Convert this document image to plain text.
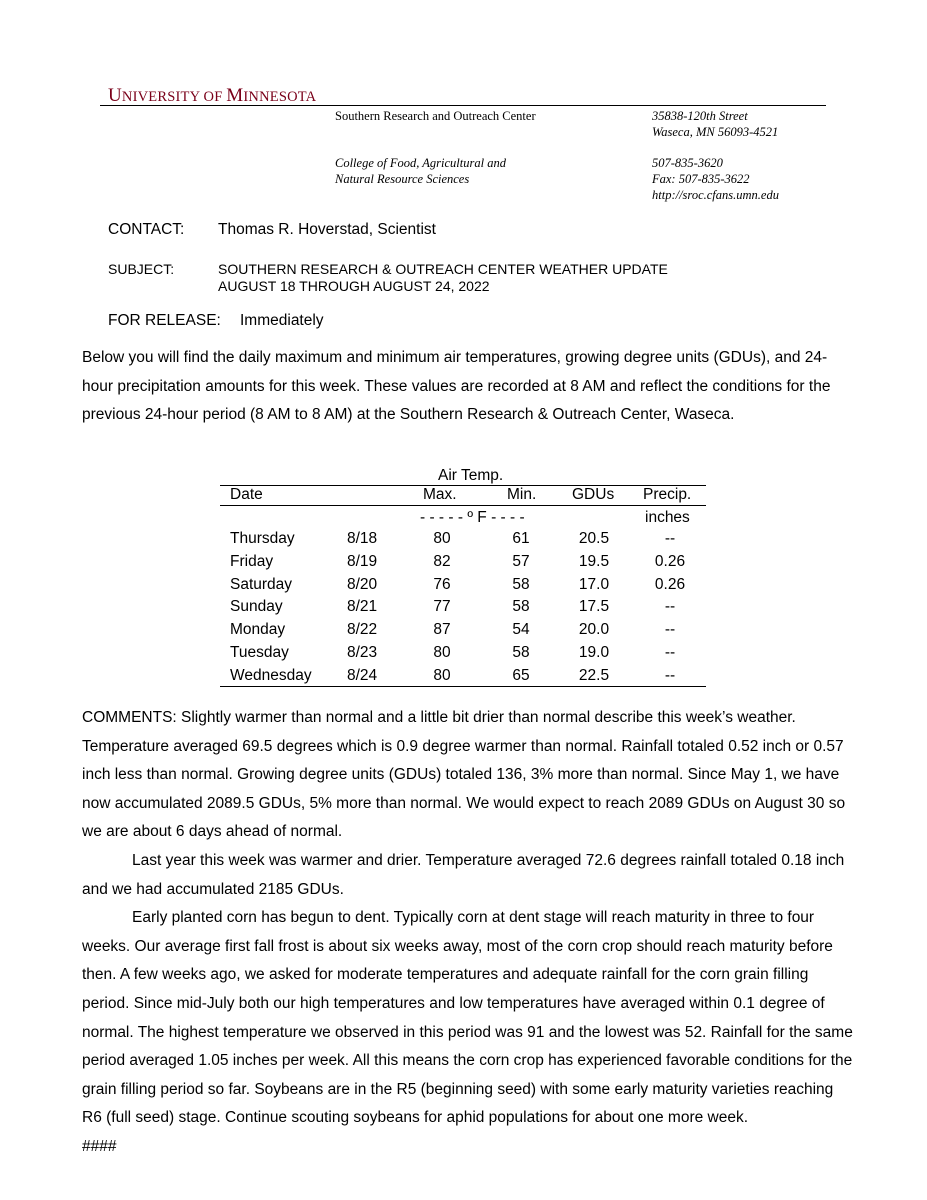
UNIVERSITY OF MINNESOTA
Southern Research and Outreach Center	35838-120th Street
Waseca, MN 56093-4521
College of Food, Agricultural and
Natural Resource Sciences
507-835-3620
Fax: 507-835-3622
http://sroc.cfans.umn.edu
CONTACT: Thomas R. Hoverstad, Scientist
SUBJECT:	SOUTHERN RESEARCH & OUTREACH CENTER WEATHER UPDATE
AUGUST 18 THROUGH AUGUST 24, 2022
FOR RELEASE: Immediately

Below you will find the daily maximum and minimum air temperatures, growing degree units (GDUs), and 24-hour precipitation amounts for this week. These values are recorded at 8 AM and reflect the conditions for the previous 24-hour period (8 AM to 8 AM) at the Southern Research & Outreach Center, Waseca.

Air Temp.
Date	Max.	Min. GDUs Precip.
- - - - - º F - - - -	inches
Thursday	8/18	80	61	20.5	--
Friday	8/19	82	57	19.5	0.26
Saturday	8/20	76	58	17.0	0.26
Sunday	8/21	77	58	17.5	--
Monday	8/22	87	54	20.0	--
Tuesday	8/23	80	58	19.0	--
Wednesday 8/24	80	65	22.5	--

COMMENTS: Slightly warmer than normal and a little bit drier than normal describe this week’s weather. Temperature averaged 69.5 degrees which is 0.9 degree warmer than normal. Rainfall totaled 0.52 inch or 0.57 inch less than normal. Growing degree units (GDUs) totaled 136, 3% more than normal. Since May 1, we have now accumulated 2089.5 GDUs, 5% more than normal. We would expect to reach 2089 GDUs on August 30 so we are about 6 days ahead of normal.

Last year this week was warmer and drier. Temperature averaged 72.6 degrees rainfall totaled 0.18 inch and we had accumulated 2185 GDUs.

Early planted corn has begun to dent. Typically corn at dent stage will reach maturity in three to four weeks. Our average first fall frost is about six weeks away, most of the corn crop should reach maturity before then. A few weeks ago, we asked for moderate temperatures and adequate rainfall for the corn grain filling period. Since mid-July both our high temperatures and low temperatures have averaged within 0.1 degree of normal. The highest temperature we observed in this period was 91 and the lowest was 52. Rainfall for the same period averaged 1.05 inches per week. All this means the corn crop has experienced favorable conditions for the grain filling period so far. Soybeans are in the R5 (beginning seed) with some early maturity varieties reaching R6 (full seed) stage. Continue scouting soybeans for aphid populations for about one more week.####
